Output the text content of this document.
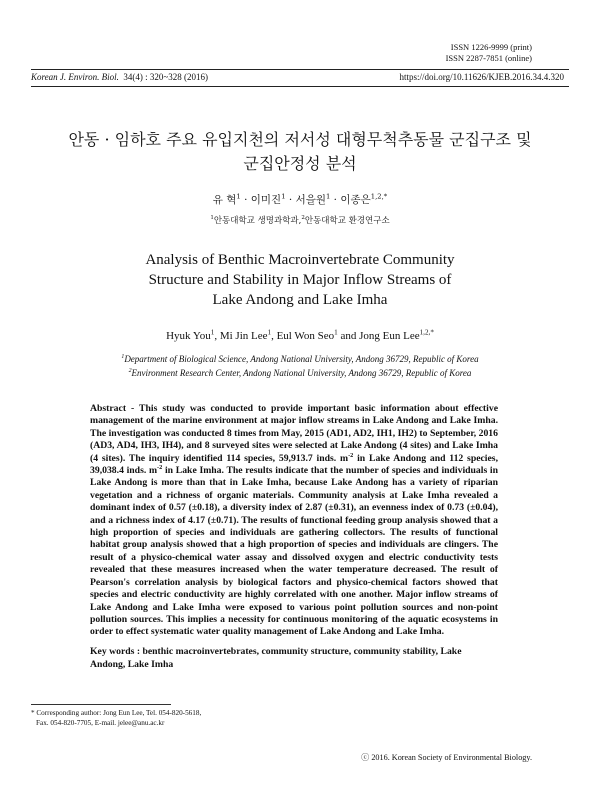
ISSN 1226-9999 (print)
ISSN 2287-7851 (online)
Korean J. Environ. Biol. 34(4) : 320~328 (2016)	https://doi.org/10.11626/KJEB.2016.34.4.320
안동 · 임하호 주요 유입지천의 저서성 대형무척추동물 군집구조 및
군집안정성 분석
유 혁$^1$ · 이미진$^1$ · 서을원$^1$ · 이종은$^{1,2,*}$
$^1$안동대학교 생명과학과,$^2$안동대학교 환경연구소
Analysis of Benthic Macroinvertebrate Community
Structure and Stability in Major Inflow Streams of
Lake Andong and Lake Imha
Hyuk You$^1$, Mi Jin Lee$^1$, Eul Won Seo$^1$ and Jong Eun Lee$^{1,2,*}$
$^1$Department of Biological Science, Andong National University, Andong 36729, Republic of Korea
$^2$Environment Research Center, Andong National University, Andong 36729, Republic of Korea
Abstract - This study was conducted to provide important basic information about effective management of the marine environment at major inflow streams in Lake Andong and Lake Imha. The investigation was conducted 8 times from May, 2015 (AD1, AD2, IH1, IH2) to September, 2016 (AD3, AD4, IH3, IH4), and 8 surveyed sites were selected at Lake Andong (4 sites) and Lake Imha (4 sites). The inquiry identified 114 species, 59,913.7 inds. $m^{-2}$ in Lake Andong and 112 species, 39,038.4 inds. $m^{-2}$ in Lake Imha. The results indicate that the number of species and individuals in Lake Andong is more than that in Lake Imha, because Lake Andong has a variety of riparian vegetation and a richness of organic materials. Community analysis at Lake Imha revealed a dominant index of 0.57 (±0.18), a diversity index of 2.87 (±0.31), an evenness index of 0.73 (±0.04), and a richness index of 4.17 (±0.71). The results of functional feeding group analysis showed that a high proportion of species and individuals are gathering collectors. The results of functional habitat group analysis showed that a high proportion of species and individuals are clingers. The result of a physico-chemical water assay and dissolved oxygen and electric conductivity tests revealed that these measures increased when the water temperature decreased. The result of Pearson's correlation analysis by biological factors and physico-chemical factors showed that species and electric conductivity are highly correlated with one another. Major inflow streams of Lake Andong and Lake Imha were exposed to various point pollution sources and non-point pollution sources. This implies a necessity for continuous monitoring of the aquatic ecosystems in order to effect systematic water quality management of Lake Andong and Lake Imha.
Key words : benthic macroinvertebrates, community structure, community stability, Lake Andong, Lake Imha
* Corresponding author: Jong Eun Lee, Tel. 054-820-5618,
Fax. 054-820-7705, E-mail. jelee@anu.ac.kr
ⓒ 2016. Korean Society of Environmental Biology.
